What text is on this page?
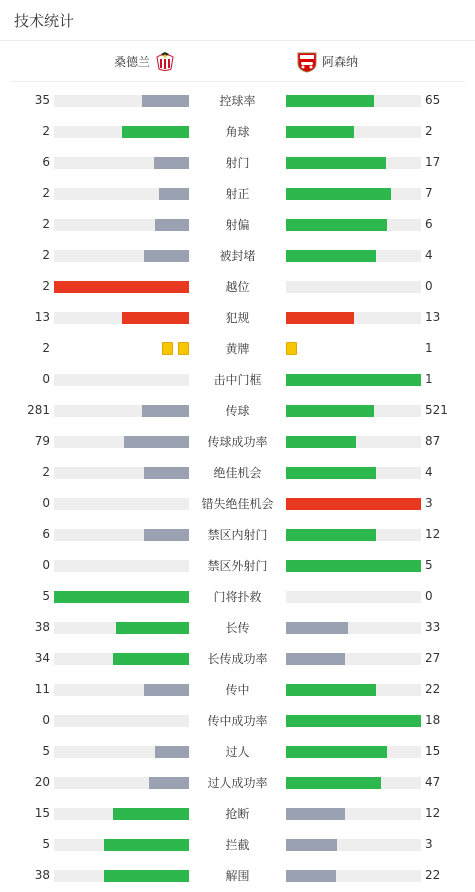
技术统计
桑德兰	阿森纳
35	控球率	65
2	角球	2
6	射门	17
2	射正	7
2	射偏	6
2	被封堵	4
2	越位	0
13	犯规	13
2	黄牌	1
0	击中门框	1
281	传球	521
79	传球成功率	87
2	绝佳机会	4
0	错失绝佳机会	3
6	禁区内射门	12
0	禁区外射门	5
5	门将扑救	0
38	长传	33
34	长传成功率	27
11	传中	22
0	传中成功率	18
5	过人	15
20	过人成功率	47
15	抢断	12
5	拦截	3
38	解围	22
